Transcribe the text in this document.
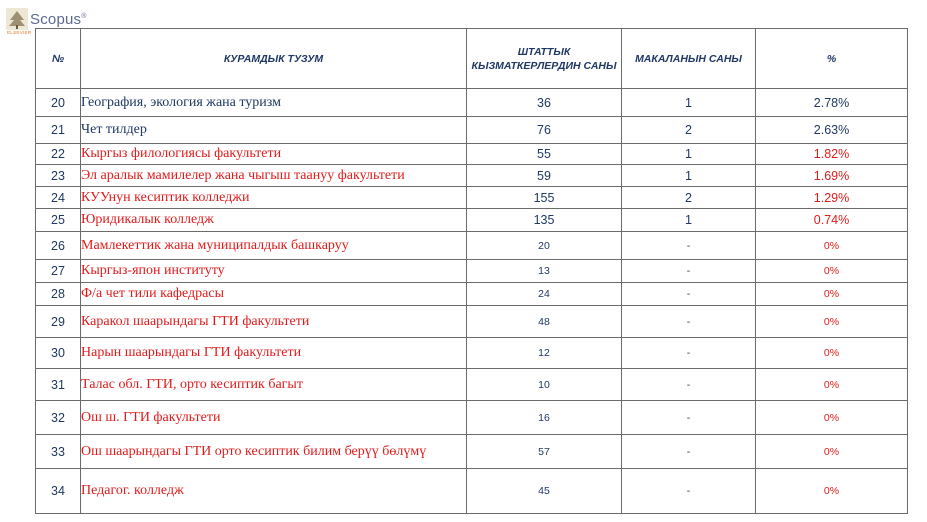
Scopus®
ELSEVIER
№	КУРАМДЫК ТУЗУМ	ШТАТТЫК КЫЗМАТКЕРЛЕРДИН САНЫ	МАКАЛАНЫН САНЫ	%
20	География, экология жана туризм	36	1	2.78%
21	Чет тилдер	76	2	2.63%
22	Кыргыз филологиясы факультети	55	1	1.82%
23	Эл аралык мамилелер жана чыгыш таануу факультети	59	1	1.69%
24	КУУнун кесиптик колледжи	155	2	1.29%
25	Юридикалык колледж	135	1	0.74%
26	Мамлекеттик жана муниципалдык башкаруу	20	-	0%
27	Кыргыз-япон институту	13	-	0%
28	Ф/а чет тили кафедрасы	24	-	0%
29	Каракол шаарындагы ГТИ факультети	48	-	0%
30	Нарын шаарындагы ГТИ факультети	12	-	0%
31	Талас обл. ГТИ, орто кесиптик багыт	10	-	0%
32	Ош ш. ГТИ факультети	16	-	0%
33	Ош шаарындагы ГТИ орто кесиптик билим берүү бөлүмү	57	-	0%
34	Педагог. колледж	45	-	0%
